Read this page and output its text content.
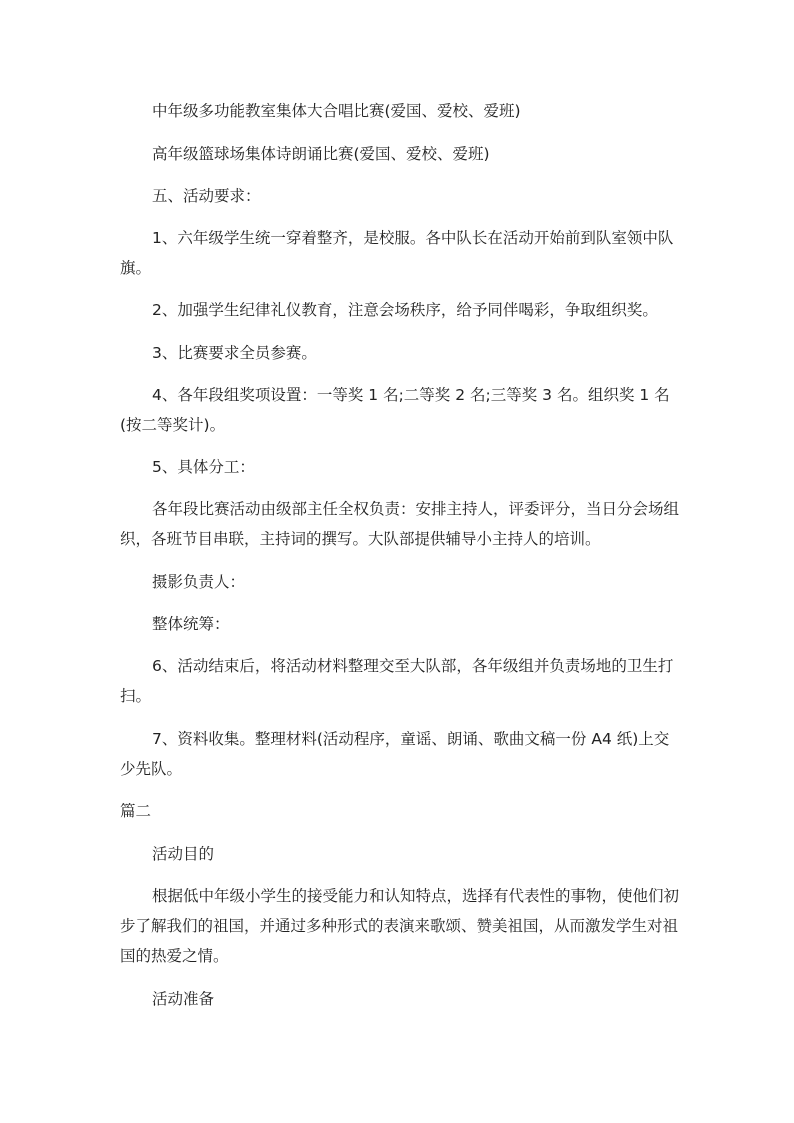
中年级多功能教室集体大合唱比赛(爱国、爱校、爱班)

高年级篮球场集体诗朗诵比赛(爱国、爱校、爱班)

五、活动要求：

1、六年级学生统一穿着整齐，是校服。各中队长在活动开始前到队室领中队旗。

2、加强学生纪律礼仪教育，注意会场秩序，给予同伴喝彩，争取组织奖。

3、比赛要求全员参赛。

4、各年段组奖项设置：一等奖 1 名;二等奖 2 名;三等奖 3 名。组织奖 1 名(按二等奖计)。

5、具体分工：

各年段比赛活动由级部主任全权负责：安排主持人，评委评分，当日分会场组织，各班节目串联，主持词的撰写。大队部提供辅导小主持人的培训。

摄影负责人：

整体统筹：

6、活动结束后，将活动材料整理交至大队部，各年级组并负责场地的卫生打扫。

7、资料收集。整理材料(活动程序，童谣、朗诵、歌曲文稿一份 A4 纸)上交少先队。

篇二

活动目的

根据低中年级小学生的接受能力和认知特点，选择有代表性的事物，使他们初步了解我们的祖国，并通过多种形式的表演来歌颂、赞美祖国，从而激发学生对祖国的热爱之情。

活动准备
